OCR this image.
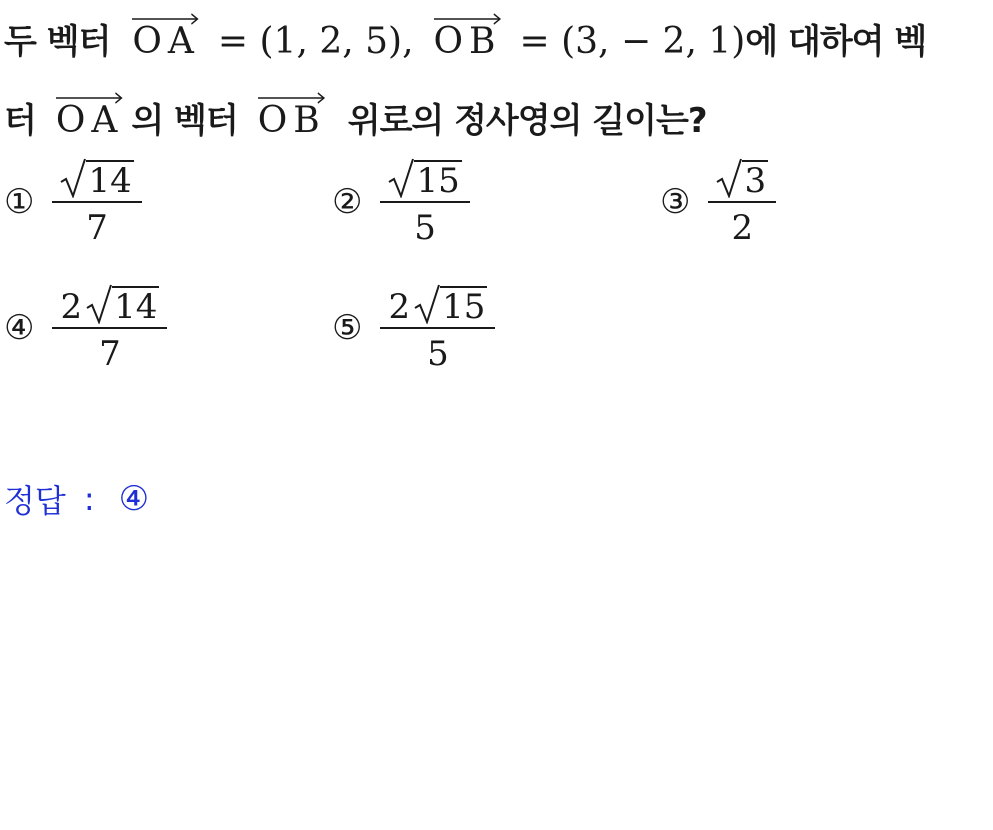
두 벡터 OA = (1, 2, 5), OB = (3, − 2, 1) 에 대하여 벡
터 OA 의 벡터 OB 위로의 정사영의 길이는?
① $\frac{14}{7}$	② $\frac{15}{5}$	③ $\frac{3}{2}$
④ $\frac{2 14}{7}$	⑤ $\frac{2 15}{5}$
정답 : ④
